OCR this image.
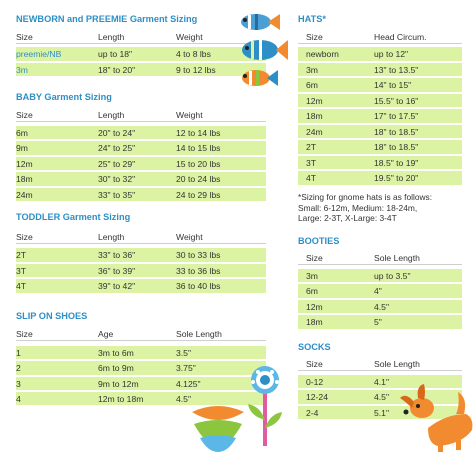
NEWBORN and PREEMIE Garment Sizing
Size	Length	Weight
preemie/NB	up to 18"	4 to 8 lbs
3m	18" to 20"	9 to 12 lbs
BABY Garment Sizing
Size	Length	Weight
6m	20" to 24"	12 to 14 lbs
9m	24" to 25"	14 to 15 lbs
12m	25" to 29"	15 to 20 lbs
18m	30" to 32"	20 to 24 lbs
24m	33" to 35"	24 to 29 lbs
TODDLER Garment Sizing
Size	Length	Weight
2T	33" to 36"	30 to 33 lbs
3T	36" to 39"	33 to 36 lbs
4T	39" to 42"	36 to 40 lbs
SLIP ON SHOES
Size	Age	Sole Length
1	3m to 6m	3.5"
2	6m to 9m	3.75"
3	9m to 12m	4.125"
4	12m to 18m	4.5"
HATS*
Size	Head Circum.
newborn	up to 12"
3m	13" to 13.5"
6m	14" to 15"
12m	15.5" to 16"
18m	17" to 17.5"
24m	18" to 18.5"
2T	18" to 18.5"
3T	18.5" to 19"
4T	19.5" to 20"
BOOTIES
Size	Sole Length
3m	up to 3.5"
6m	4"
12m	4.5"
18m	5"
SOCKS
Size	Sole Length
0-12	4.1"
12-24	4.5"
2-4	5.1"
*Sizing for gnome hats is as follows:
Small: 6-12m, Medium: 18-24m,
Large: 2-3T, X-Large: 3-4T
